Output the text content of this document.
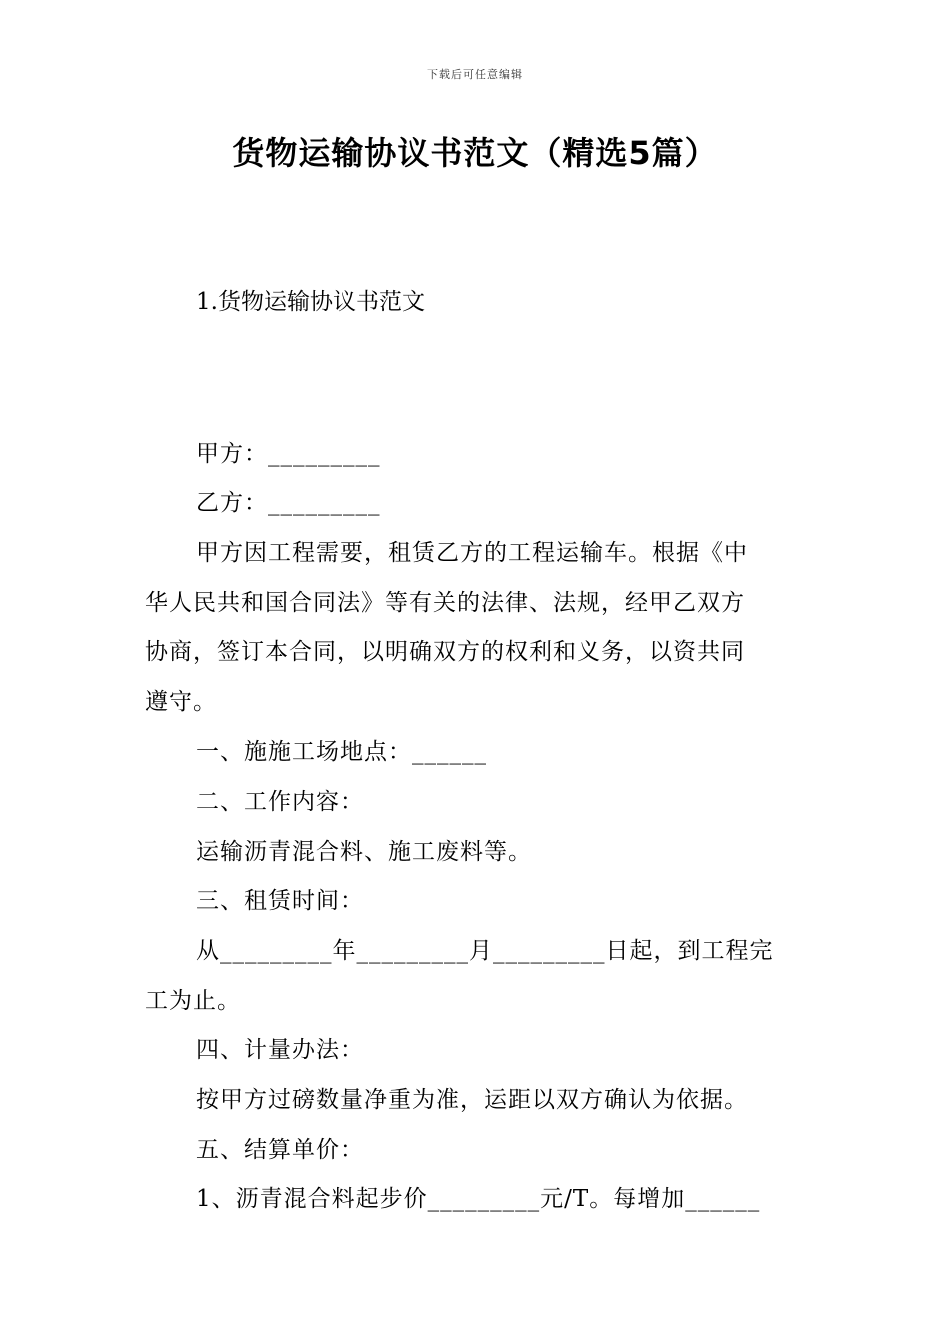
下载后可任意编辑
货物运输协议书范文（精选5篇）
1.货物运输协议书范文
甲方：_________
乙方：_________
甲方因工程需要，租赁乙方的工程运输车。根据《中
华人民共和国合同法》等有关的法律、法规，经甲乙双方
协商，签订本合同，以明确双方的权利和义务，以资共同
遵守。
一、施施工场地点：______
二、工作内容：
运输沥青混合料、施工废料等。
三、租赁时间：
从_________年_________月_________日起，到工程完
工为止。
四、计量办法：
按甲方过磅数量净重为准，运距以双方确认为依据。
五、结算单价：
1、沥青混合料起步价_________元/T。每增加______
